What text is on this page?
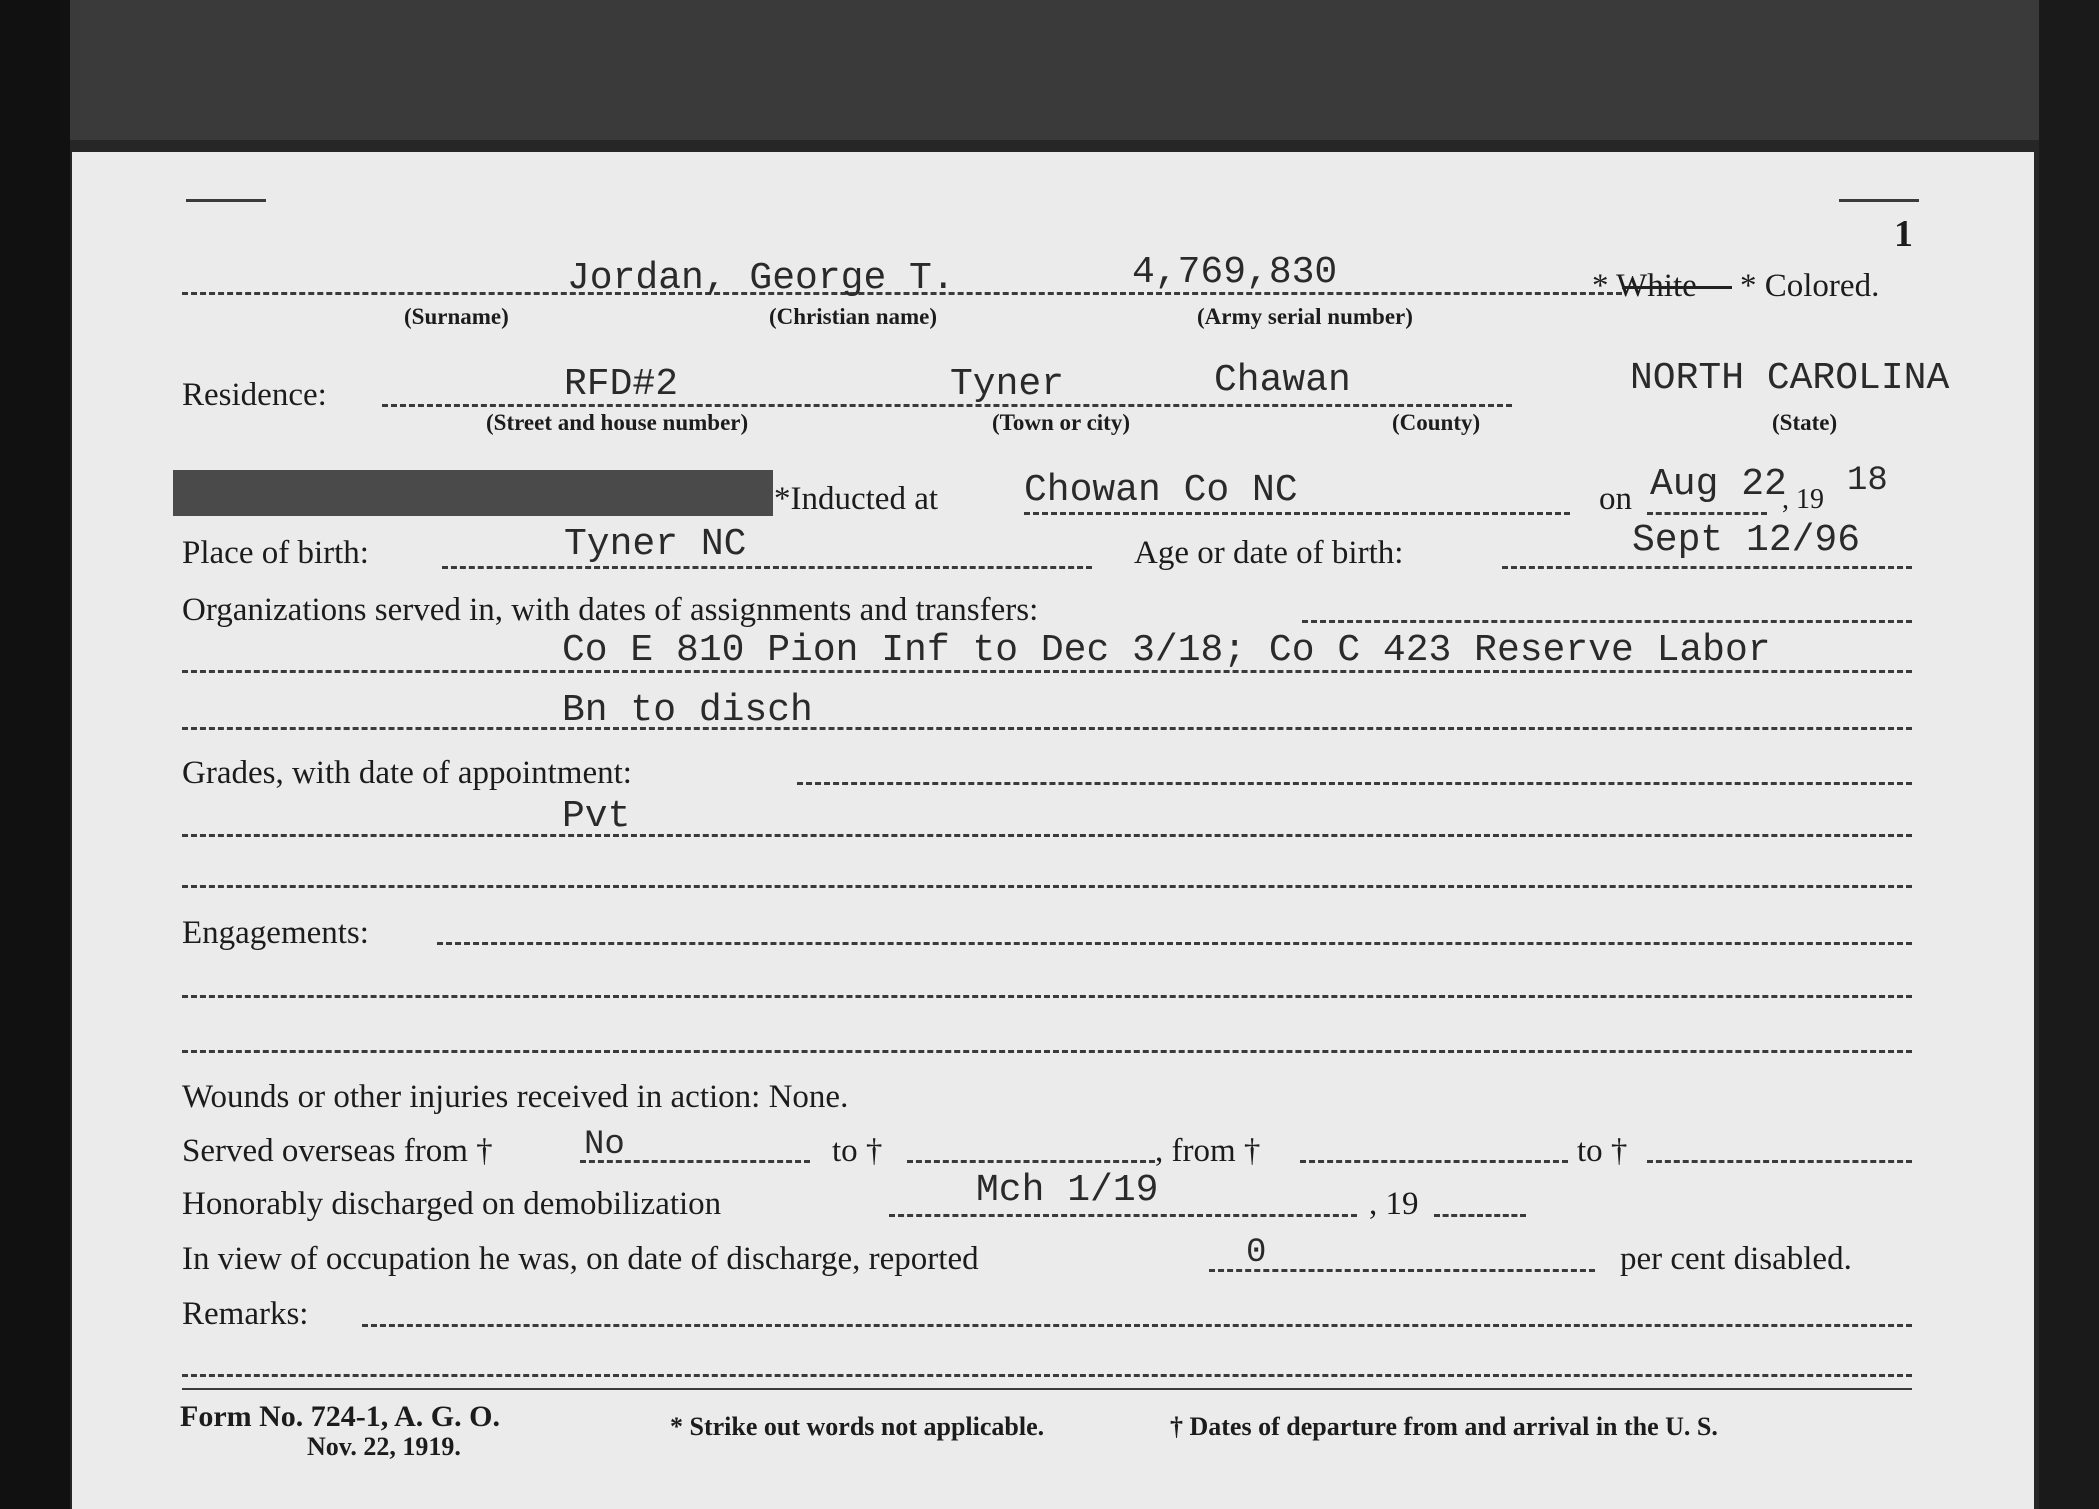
1
Jordan, George T.	4,769,830	* White * Colored.
(Surname)	(Christian name)	(Army serial number)
Residence:	RFD#2	Tyner	Chawan	NORTH CAROLINA
(Street and house number)	(Town or city)	(County)	(State)
*Inducted at Chowan Co NC	on Aug 22
, 19 18
Place of birth:	Tyner NC	Age or date of birth:	Sept 12/96
Organizations served in, with dates of assignments and transfers:
Co E 810 Pion Inf to Dec 3/18; Co C 423 Reserve Labor
Bn to disch
Grades, with date of appointment:
Pvt
Engagements:
Wounds or other injuries received in action: None.
Served overseas from †	No	to †	, from †	to †
Honorably discharged on demobilization	Mch 1/19	, 19
In view of occupation he was, on date of discharge, reported	0	per cent disabled.
Remarks:
Form No. 724-1, A. G. O.
Nov. 22, 1919.
* Strike out words not applicable.	† Dates of departure from and arrival in the U. S.
